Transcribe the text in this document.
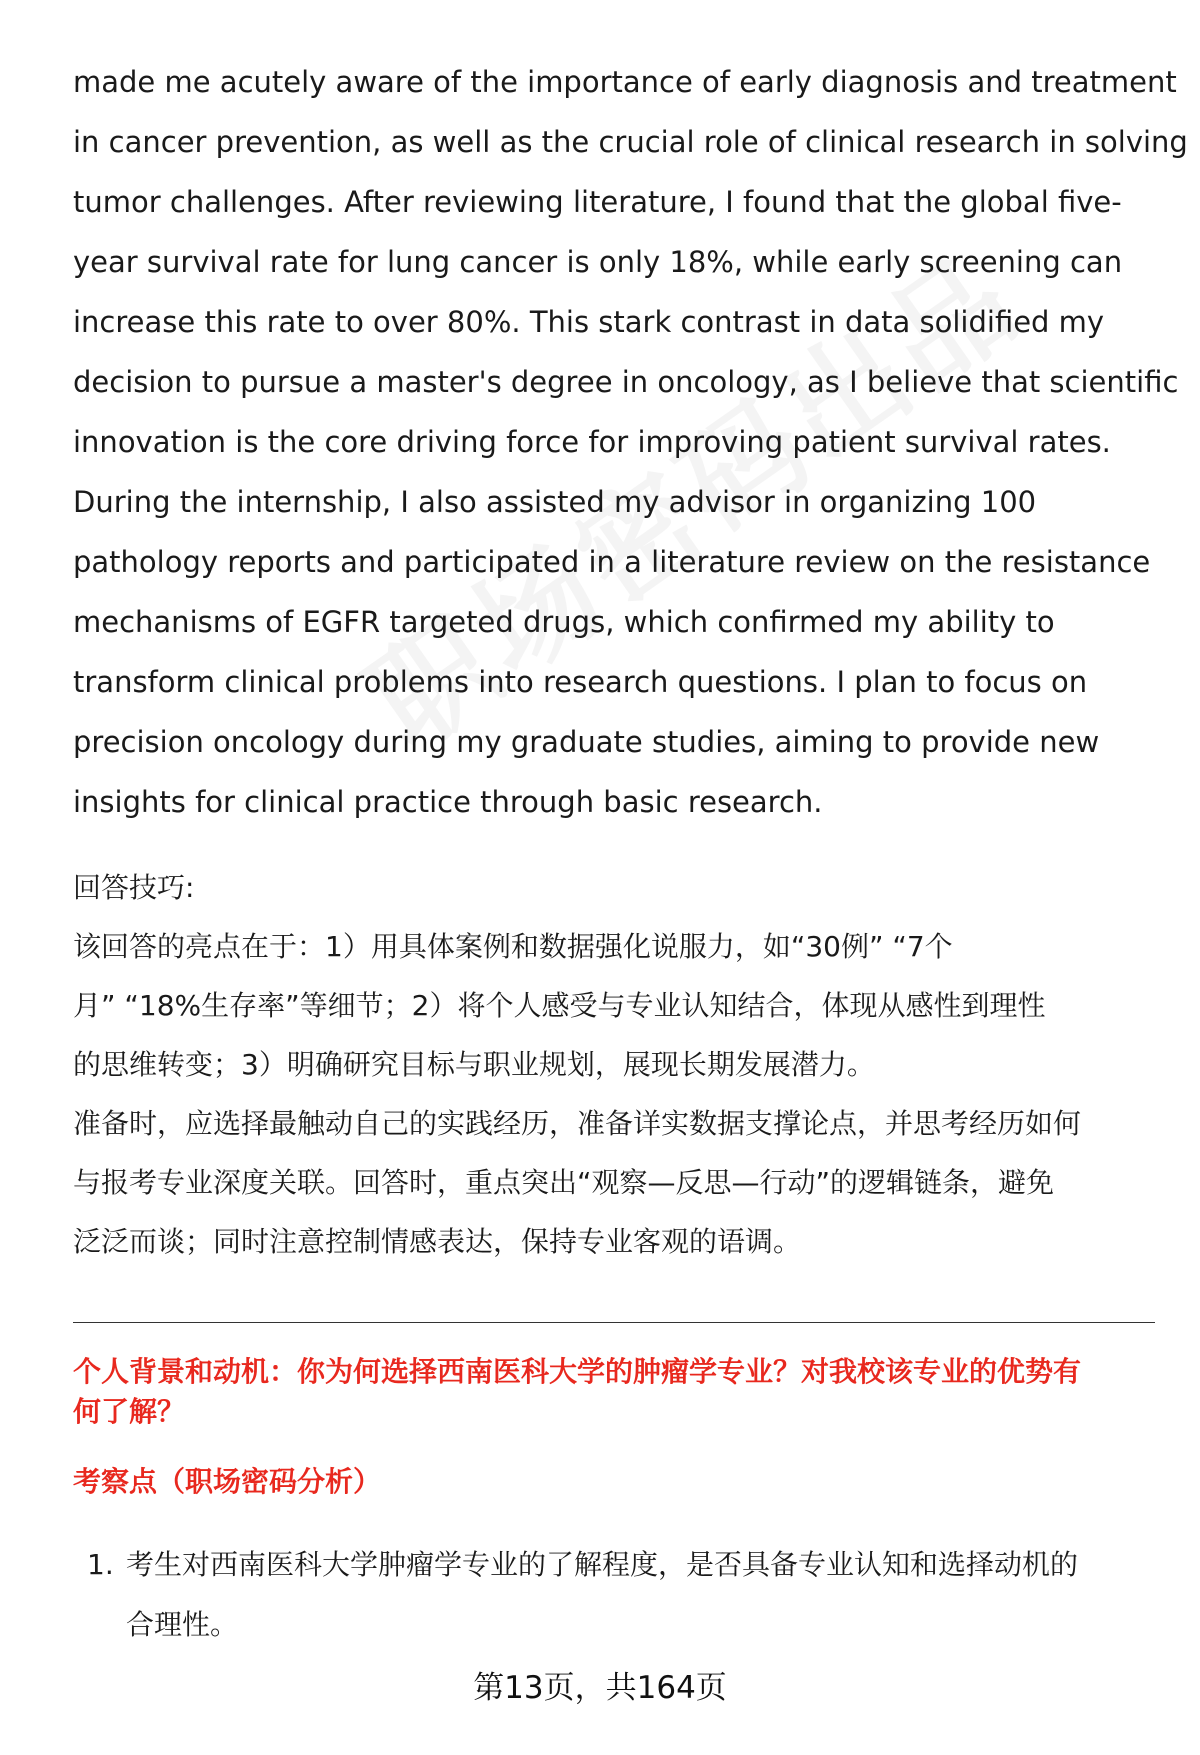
made me acutely aware of the importance of early diagnosis and treatment
in cancer prevention, as well as the crucial role of clinical research in solving
tumor challenges. After reviewing literature, I found that the global five-
year survival rate for lung cancer is only 18%, while early screening can
increase this rate to over 80%. This stark contrast in data solidified my
decision to pursue a master's degree in oncology, as I believe that scientific
innovation is the core driving force for improving patient survival rates.
During the internship, I also assisted my advisor in organizing 100
pathology reports and participated in a literature review on the resistance
mechanisms of EGFR targeted drugs, which confirmed my ability to
transform clinical problems into research questions. I plan to focus on
precision oncology during my graduate studies, aiming to provide new
insights for clinical practice through basic research.

回答技巧:
该回答的亮点在于：1）用具体案例和数据强化说服力，如“30例” “7个
月” “18%生存率”等细节；2）将个人感受与专业认知结合，体现从感性到理性
的思维转变；3）明确研究目标与职业规划，展现长期发展潜力。
准备时，应选择最触动自己的实践经历，准备详实数据支撑论点，并思考经历如何
与报考专业深度关联。回答时，重点突出“观察—反思—行动”的逻辑链条，避免
泛泛而谈；同时注意控制情感表达，保持专业客观的语调。
个人背景和动机：你为何选择西南医科大学的肿瘤学专业？对我校该专业的优势有
何了解？
考察点（职场密码分析）
1. 考生对西南医科大学肿瘤学专业的了解程度，是否具备专业认知和选择动机的
合理性。
第13页，共164页
